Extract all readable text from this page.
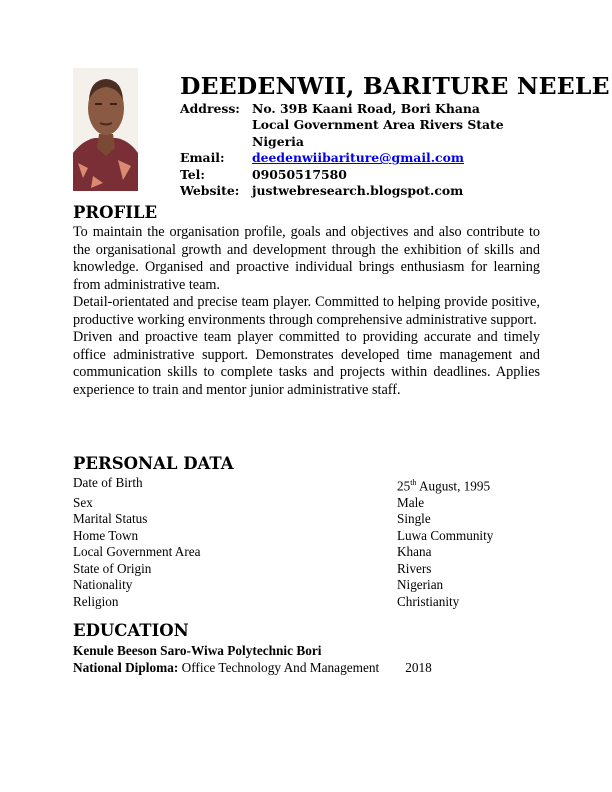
DEEDENWII, BARITURE NEELE
Address: No. 39B Kaani Road, Bori Khana Local Government Area Rivers State Nigeria
Email:	deedenwiibariture@gmail.com
Tel:	09050517580
Website:	justwebresearch.blogspot.com
PROFILE

To maintain the organisation profile, goals and objectives and also contribute to the organisational growth and development through the exhibition of skills and knowledge. Organised and proactive individual brings enthusiasm for learning from administrative team.

Detail-orientated and precise team player. Committed to helping provide positive, productive working environments through comprehensive administrative support.

Driven and proactive team player committed to providing accurate and timely office administrative support. Demonstrates developed time management and communication skills to complete tasks and projects within deadlines. Applies experience to train and mentor junior administrative staff.

PERSONAL DATA
Date of Birth	25th August, 1995
Sex	Male
Marital Status	Single
Home Town	Luwa Community
Local Government Area	Khana
State of Origin	Rivers
Nationality	Nigerian
Religion	Christianity
EDUCATION
Kenule Beeson Saro-Wiwa Polytechnic Bori
National Diploma: Office Technology And Management 2018
